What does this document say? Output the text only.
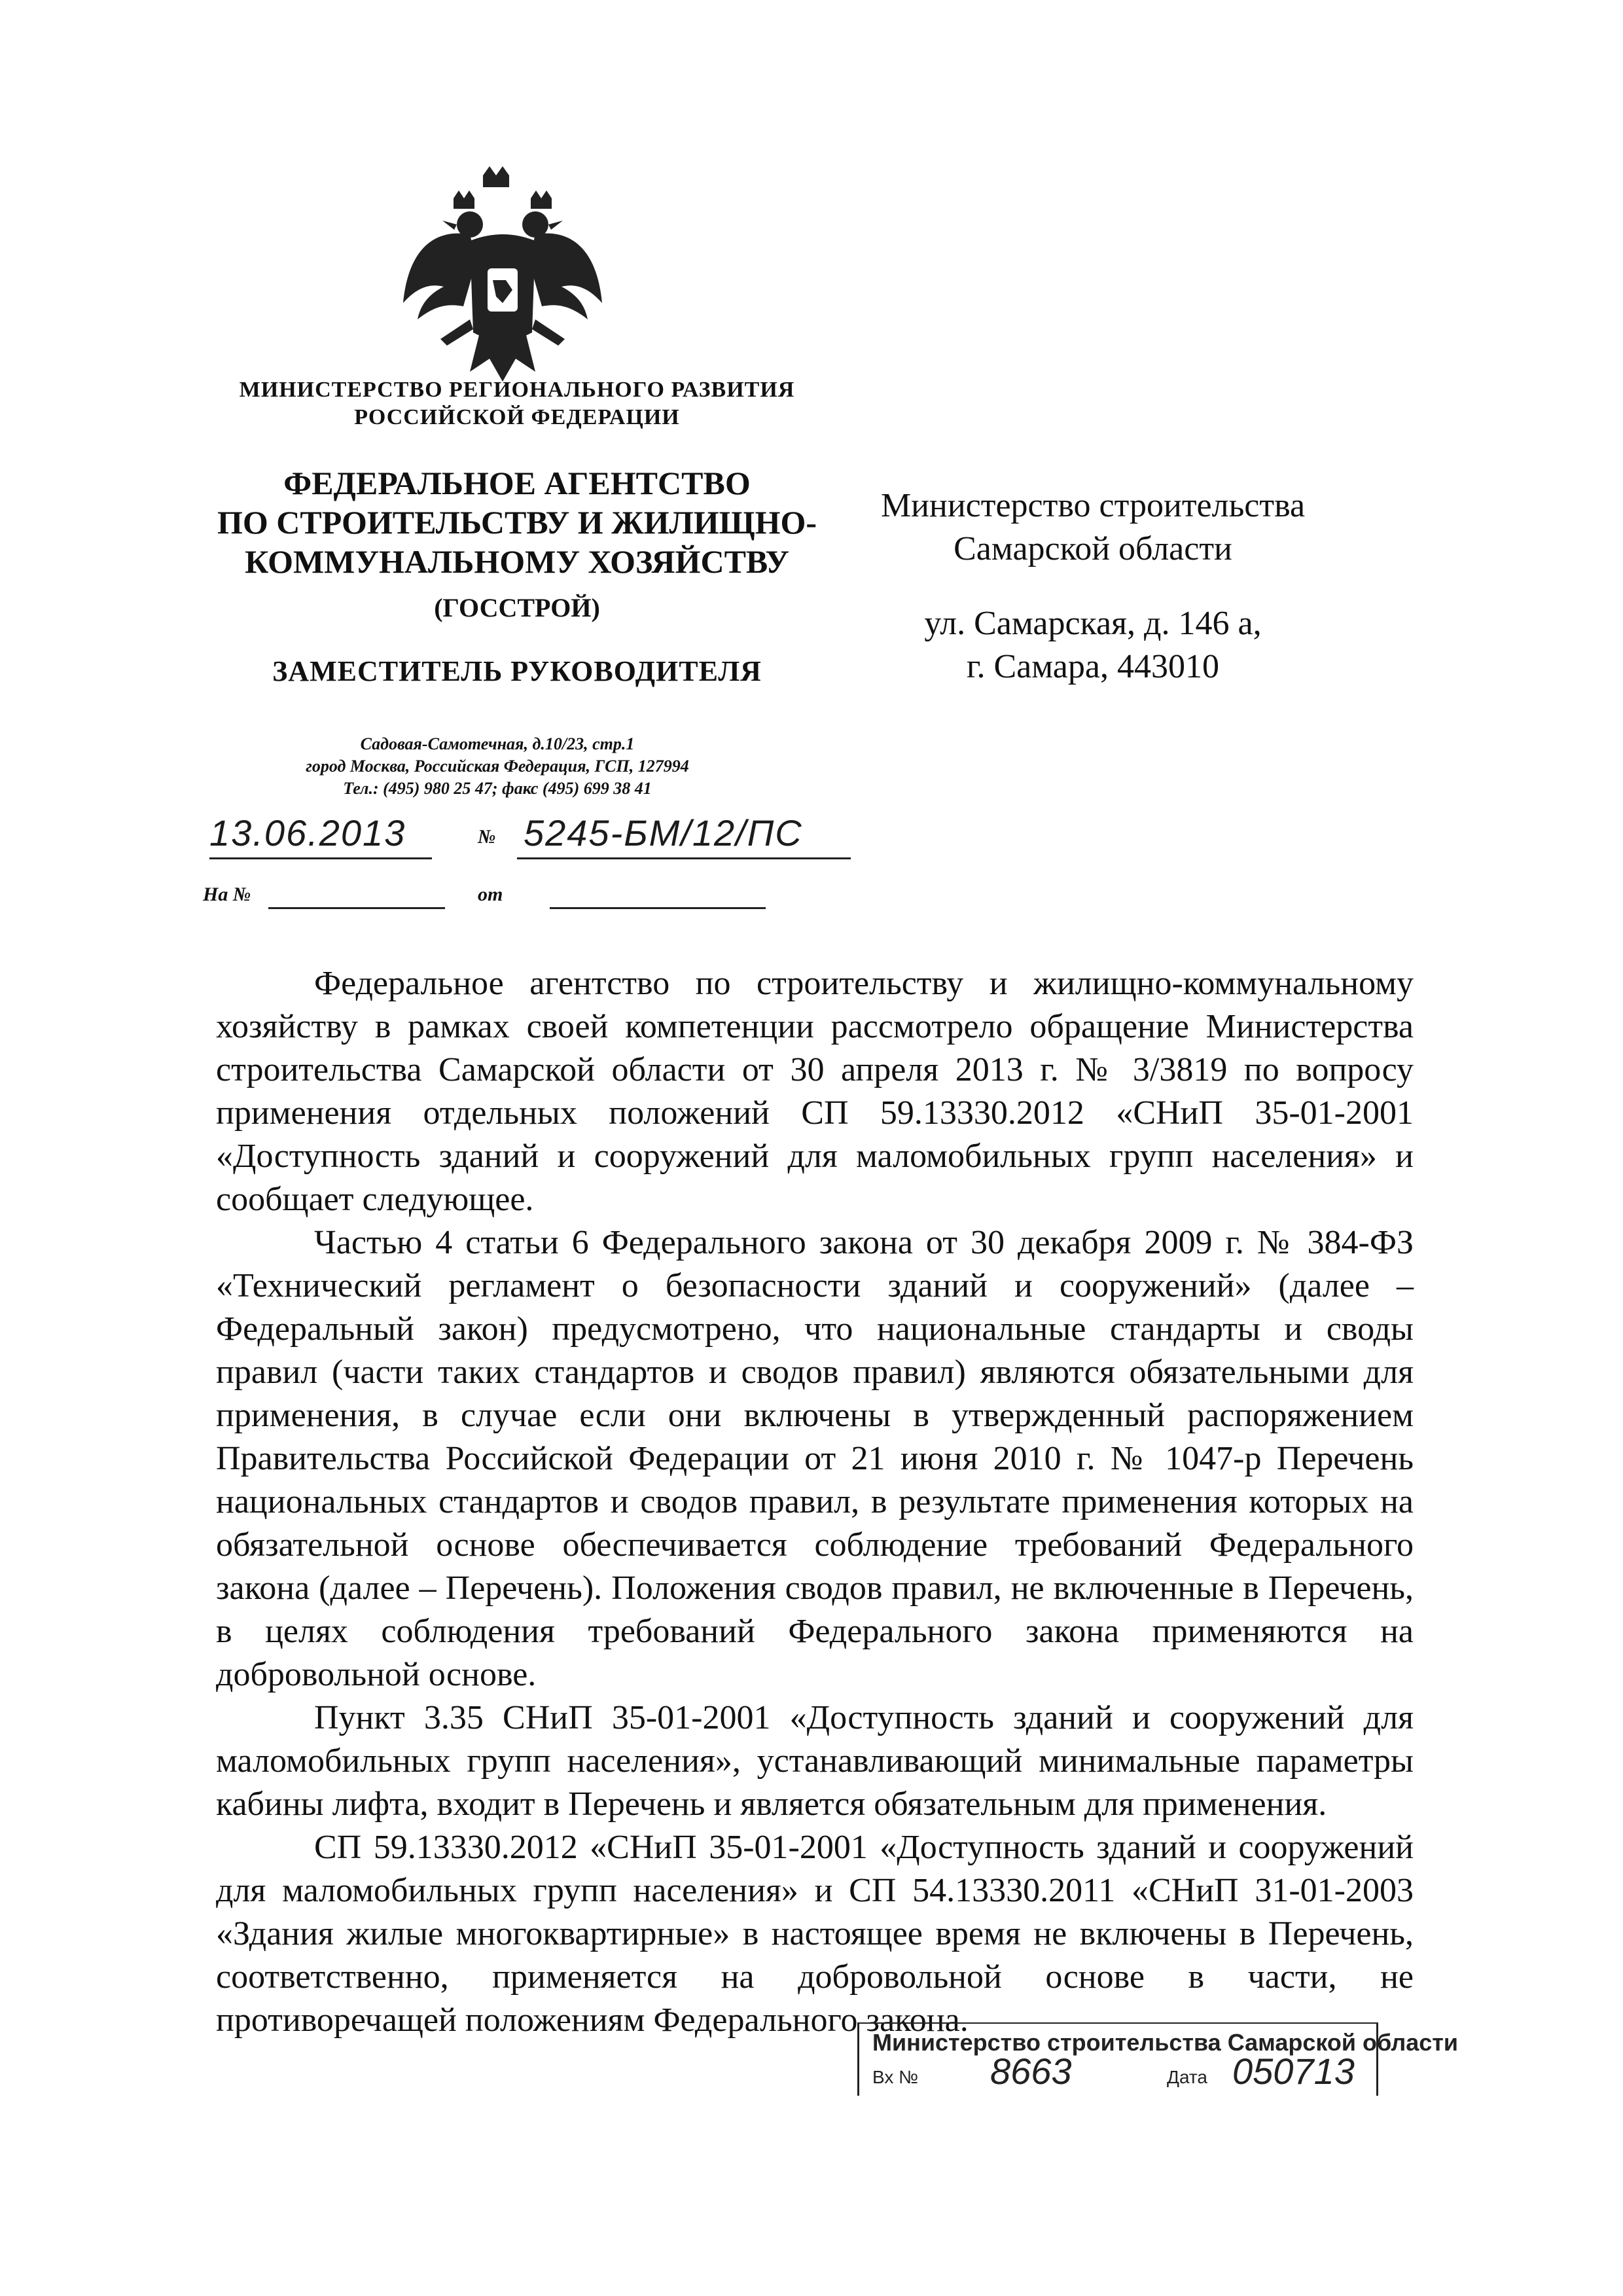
МИНИСТЕРСТВО РЕГИОНАЛЬНОГО РАЗВИТИЯ
РОССИЙСКОЙ ФЕДЕРАЦИИ
ФЕДЕРАЛЬНОЕ АГЕНТСТВО
ПО СТРОИТЕЛЬСТВУ И ЖИЛИЩНО-
КОММУНАЛЬНОМУ ХОЗЯЙСТВУ
(ГОССТРОЙ)
ЗАМЕСТИТЕЛЬ РУКОВОДИТЕЛЯ
Садовая-Самотечная, д.10/23, стр.1
город Москва, Российская Федерация, ГСП, 127994
Тел.: (495) 980 25 47; факс (495) 699 38 41
13.06.2013	№ 5245-БМ/12/ПС
На №	от
Министерство строительства
Самарской области
ул. Самарская, д. 146 а,
г. Самара, 443010

Федеральное агентство по строительству и жилищно-коммунальному хозяйству в рамках своей компетенции рассмотрело обращение Министерства строительства Самарской области от 30 апреля 2013 г. № 3/3819 по вопросу применения отдельных положений СП 59.13330.2012 «СНиП 35-01-2001 «Доступность зданий и сооружений для маломобильных групп населения» и сообщает следующее.

Частью 4 статьи 6 Федерального закона от 30 декабря 2009 г. № 384-ФЗ «Технический регламент о безопасности зданий и сооружений» (далее – Федеральный закон) предусмотрено, что национальные стандарты и своды правил (части таких стандартов и сводов правил) являются обязательными для применения, в случае если они включены в утвержденный распоряжением Правительства Российской Федерации от 21 июня 2010 г. № 1047-р Перечень национальных стандартов и сводов правил, в результате применения которых на обязательной основе обеспечивается соблюдение требований Федерального закона (далее – Перечень). Положения сводов правил, не включенные в Перечень, в целях соблюдения требований Федерального закона применяются на добровольной основе.

Пункт 3.35 СНиП 35-01-2001 «Доступность зданий и сооружений для маломобильных групп населения», устанавливающий минимальные параметры кабины лифта, входит в Перечень и является обязательным для применения.

СП 59.13330.2012 «СНиП 35-01-2001 «Доступность зданий и сооружений для маломобильных групп населения» и СП 54.13330.2011 «СНиП 31-01-2003 «Здания жилые многоквартирные» в настоящее время не включены в Перечень, соответственно, применяется на добровольной основе в части, не противоречащей положениям Федерального закона.

Министерство строительства Самарской области
Вх № 8663	Дата 050713
